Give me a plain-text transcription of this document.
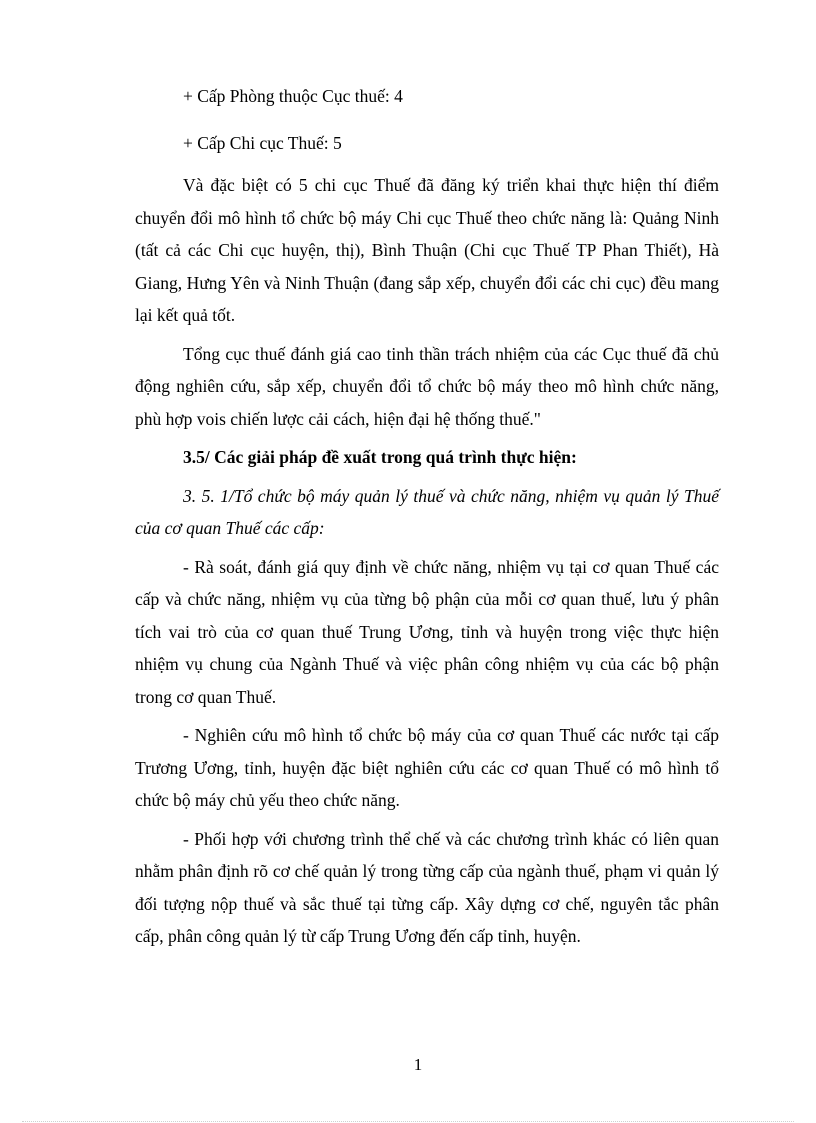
+ Cấp Phòng thuộc Cục thuế: 4

+ Cấp Chi cục Thuế: 5

Và đặc biệt có 5 chi cục Thuế đã đăng ký triển khai thực hiện thí điểm chuyển đổi mô hình tổ chức bộ máy Chi cục Thuế theo chức năng là: Quảng Ninh (tất cả các Chi cục huyện, thị), Bình Thuận (Chi cục Thuế TP Phan Thiết), Hà Giang, Hưng Yên và Ninh Thuận (đang sắp xếp, chuyển đổi các chi cục) đều mang lại kết quả tốt.

Tổng cục thuế đánh giá cao tinh thần trách nhiệm của các Cục thuế đã chủ động nghiên cứu, sắp xếp, chuyển đổi tổ chức bộ máy theo mô hình chức năng, phù hợp vois chiến lược cải cách, hiện đại hệ thống thuế."

3.5/ Các giải pháp đề xuất trong quá trình thực hiện:

3. 5. 1/Tổ chức bộ máy quản lý thuế và chức năng, nhiệm vụ quản lý Thuế của cơ quan Thuế các cấp:

- Rà soát, đánh giá quy định về chức năng, nhiệm vụ tại cơ quan Thuế các cấp và chức năng, nhiệm vụ của từng bộ phận của mỗi cơ quan thuế, lưu ý phân tích vai trò của cơ quan thuế Trung Ương, tỉnh và huyện trong việc thực hiện nhiệm vụ chung của Ngành Thuế và việc phân công nhiệm vụ của các bộ phận trong cơ quan Thuế.

- Nghiên cứu mô hình tổ chức bộ máy của cơ quan Thuế các nước tại cấp Trương Ương, tỉnh, huyện đặc biệt nghiên cứu các cơ quan Thuế có mô hình tổ chức bộ máy chủ yếu theo chức năng.

- Phối hợp với chương trình thể chế và các chương trình khác có liên quan nhằm phân định rõ cơ chế quản lý trong từng cấp của ngành thuế, phạm vi quản lý đối tượng nộp thuế và sắc thuế tại từng cấp. Xây dựng cơ chế, nguyên tắc phân cấp, phân công quản lý từ cấp Trung Ương đến cấp tỉnh, huyện.

1
